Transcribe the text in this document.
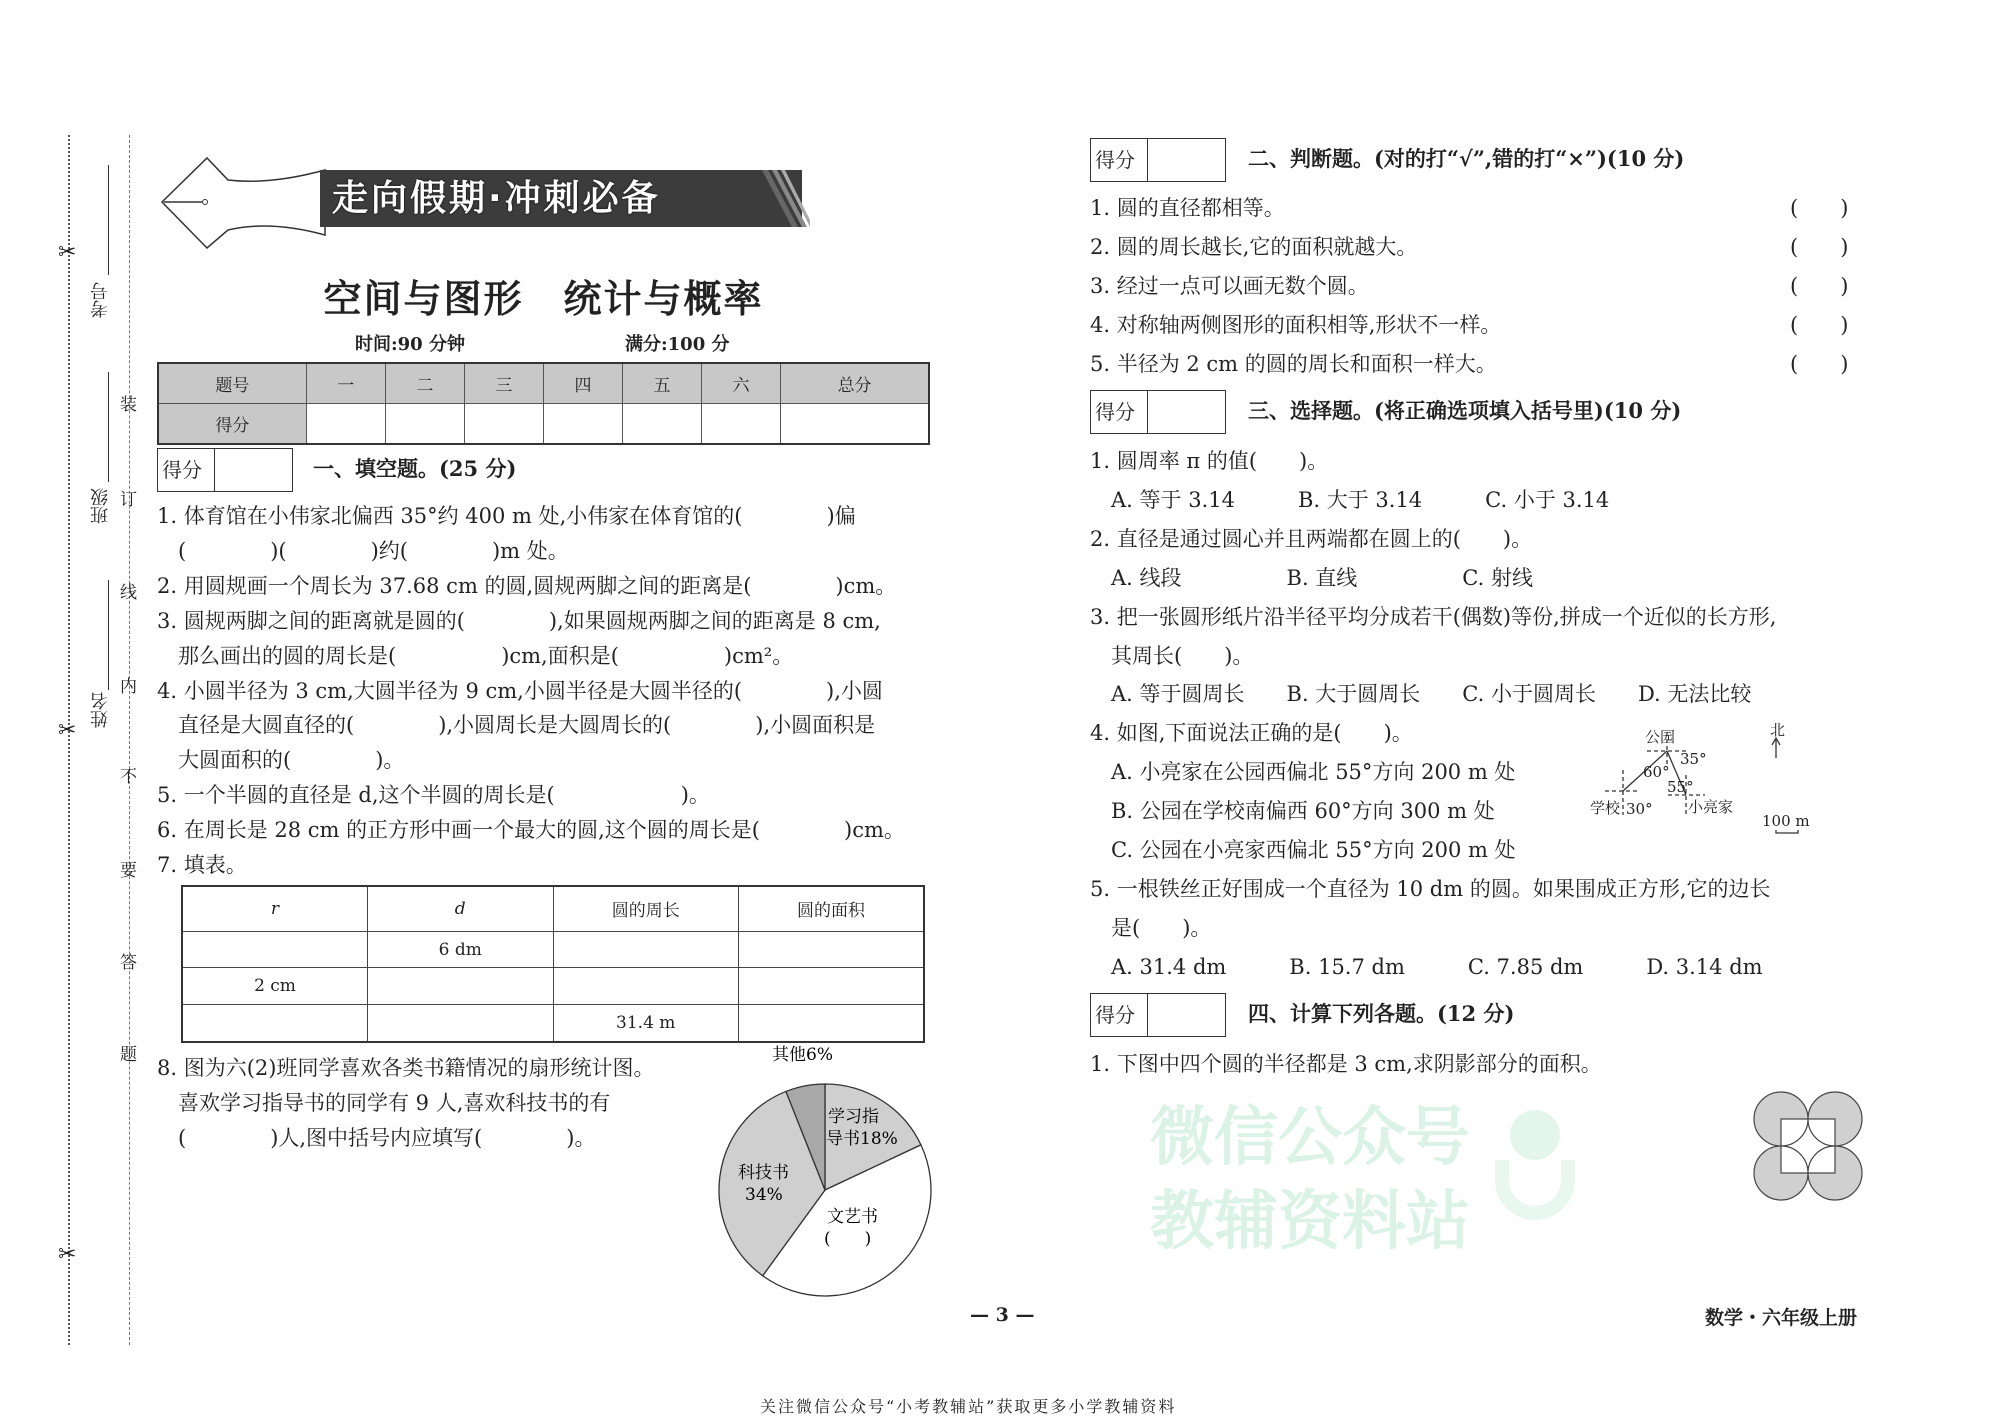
微信公众号
教辅资料站
✂
✂
✂
考号
班级
姓名
装
订
线
内
不
要
答
题
走向假期·冲刺必备
空间与图形　统计与概率
时间:90 分钟	满分:100 分
题号	一	二	三	四	五	六	总分
得分							
得分	一、填空题。(25 分)
1. 体育馆在小伟家北偏西 35°约 400 m 处,小伟家在体育馆的(　　　　)偏
　(　　　　)(　　　　)约(　　　　)m 处。
2. 用圆规画一个周长为 37.68 cm 的圆,圆规两脚之间的距离是(　　　　)cm。
3. 圆规两脚之间的距离就是圆的(　　　　),如果圆规两脚之间的距离是 8 cm,
　那么画出的圆的周长是(　　　　　)cm,面积是(　　　　　)cm²。
4. 小圆半径为 3 cm,大圆半径为 9 cm,小圆半径是大圆半径的(　　　　),小圆
　直径是大圆直径的(　　　　),小圆周长是大圆周长的(　　　　),小圆面积是
　大圆面积的(　　　　)。
5. 一个半圆的直径是 d,这个半圆的周长是(　　　　　　)。
6. 在周长是 28 cm 的正方形中画一个最大的圆,这个圆的周长是(　　　　)cm。
7. 填表。
r	d	圆的周长	圆的面积
	6 dm		
2 cm			
		31.4 m	
8. 图为六(2)班同学喜欢各类书籍情况的扇形统计图。
　喜欢学习指导书的同学有 9 人,喜欢科技书的有
　(　　　　)人,图中括号内应填写(　　　　)。
学习指
导书18%
文艺书
(　　)
科技书
34%
其他6%
得分	二、判断题。(对的打“√”,错的打“×”)(10 分)
1. 圆的直径都相等。	(　　)
2. 圆的周长越长,它的面积就越大。	(　　)
3. 经过一点可以画无数个圆。	(　　)
4. 对称轴两侧图形的面积相等,形状不一样。	(　　)
5. 半径为 2 cm 的圆的周长和面积一样大。	(　　)
得分	三、选择题。(将正确选项填入括号里)(10 分)
1. 圆周率 π 的值(　　)。
　A. 等于 3.14　　　B. 大于 3.14　　　C. 小于 3.14
2. 直径是通过圆心并且两端都在圆上的(　　)。
　A. 线段　　　　　B. 直线　　　　　C. 射线
3. 把一张圆形纸片沿半径平均分成若干(偶数)等份,拼成一个近似的长方形,
　其周长(　　)。
　A. 等于圆周长　　B. 大于圆周长　　C. 小于圆周长　　D. 无法比较
4. 如图,下面说法正确的是(　　)。
　A. 小亮家在公园西偏北 55°方向 200 m 处
　B. 公园在学校南偏西 60°方向 300 m 处
　C. 公园在小亮家西偏北 55°方向 200 m 处
5. 一根铁丝正好围成一个直径为 10 dm 的圆。如果围成正方形,它的边长
　是(　　)。
　A. 31.4 dm　　　B. 15.7 dm　　　C. 7.85 dm　　　D. 3.14 dm
公园	北
35°
60°
55°
学校 30° 小亮家
100 m
得分	四、计算下列各题。(12 分)
1. 下图中四个圆的半径都是 3 cm,求阴影部分的面积。
— 3 —	数学・六年级上册
关注微信公众号“小考教辅站”获取更多小学教辅资料
